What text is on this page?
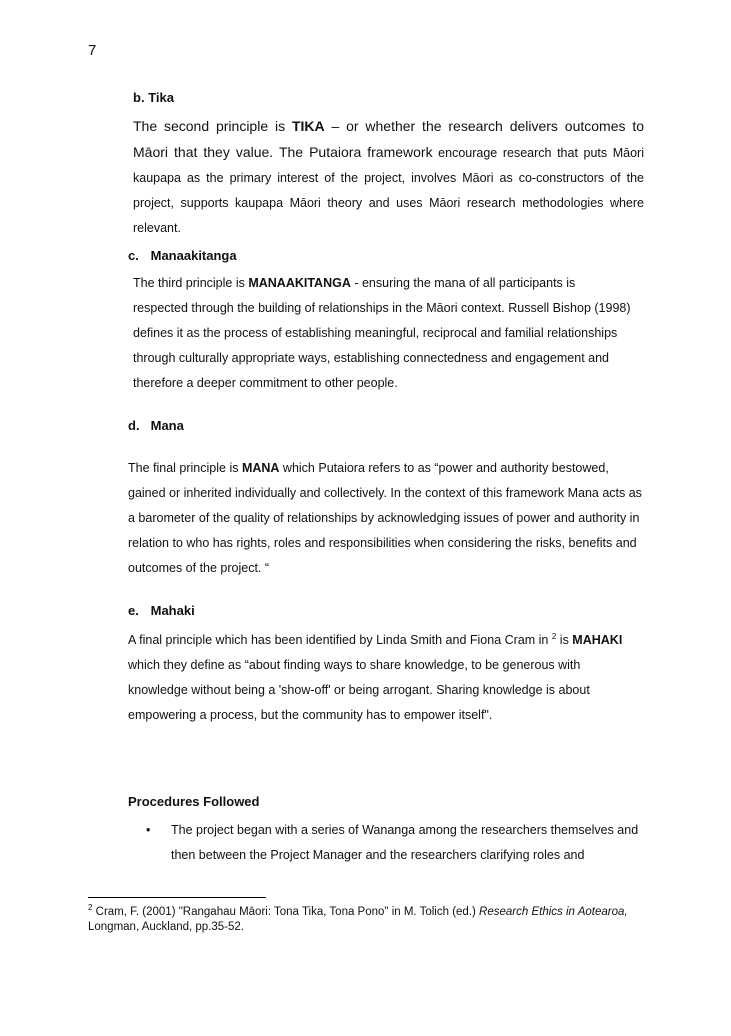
7
b. Tika

The second principle is TIKA – or whether the research delivers outcomes to Māori that they value. The Putaiora framework encourage research that puts Māori kaupapa as the primary interest of the project, involves Māori as co-constructors of the project, supports kaupapa Māori theory and uses Māori research methodologies where relevant.

c. Manaakitanga

The third principle is MANAAKITANGA - ensuring the mana of all participants is respected through the building of relationships in the Māori context. Russell Bishop (1998) defines it as the process of establishing meaningful, reciprocal and familial relationships through culturally appropriate ways, establishing connectedness and engagement and therefore a deeper commitment to other people.

d. Mana

The final principle is MANA which Putaiora refers to as “power and authority bestowed, gained or inherited individually and collectively. In the context of this framework Mana acts as a barometer of the quality of relationships by acknowledging issues of power and authority in relation to who has rights, roles and responsibilities when considering the risks, benefits and outcomes of the project. “

e. Mahaki

A final principle which has been identified by Linda Smith and Fiona Cram in $^2$ is MAHAKI which they define as “about finding ways to share knowledge, to be generous with knowledge without being a 'show-off' or being arrogant. Sharing knowledge is about empowering a process, but the community has to empower itself".

Procedures Followed
• The project began with a series of Wananga among the researchers themselves and then between the Project Manager and the researchers clarifying roles and
$^2$ Cram, F. (2001) "Rangahau Māori: Tona Tika, Tona Pono" in M. Tolich (ed.) Research Ethics in Aotearoa, Longman, Auckland, pp.35-52.
